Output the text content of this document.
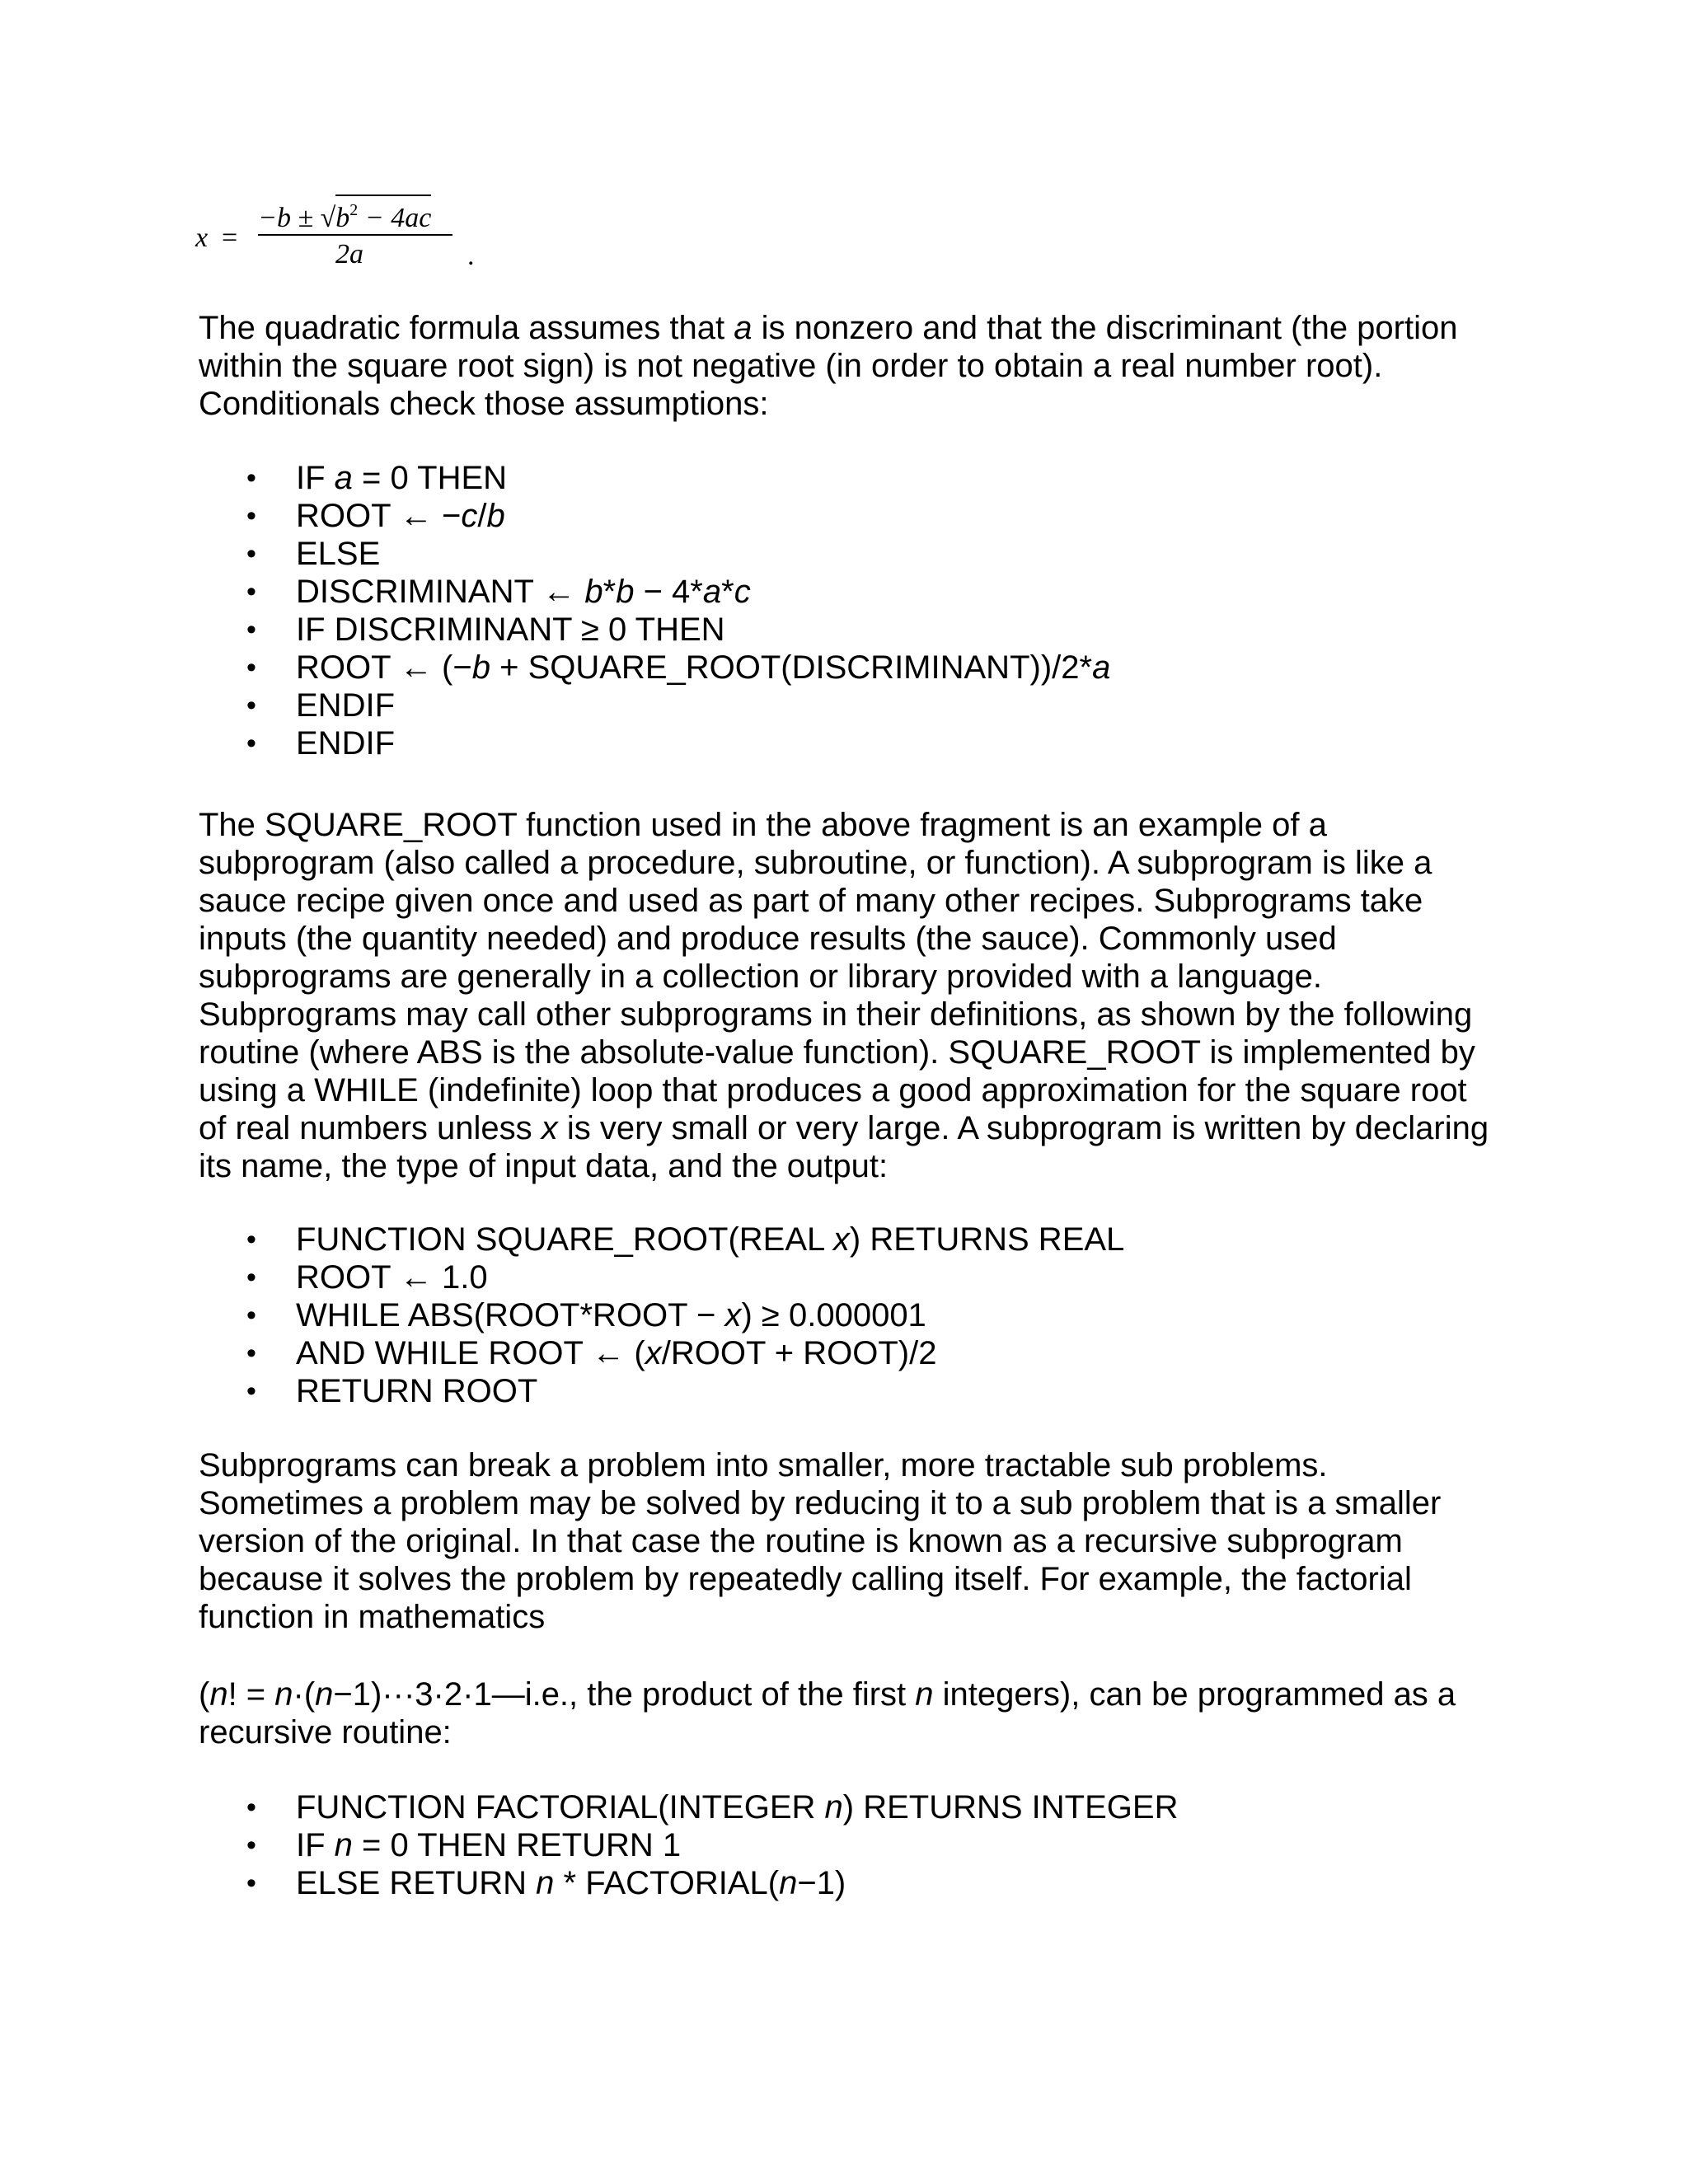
x =
$-b \pm √b^2 - 4ac$
2a	.

The quadratic formula assumes that a is nonzero and that the discriminant (the portion within the square root sign) is not negative (in order to obtain a real number root). Conditionals check those assumptions:

• IF a = 0 THEN
• ROOT ← −c/b
• ELSE
• DISCRIMINANT ← b*b − 4*a*c
• IF DISCRIMINANT ≥ 0 THEN
• ROOT ← (−b + SQUARE_ROOT(DISCRIMINANT))/2*a
• ENDIF
• ENDIF

The SQUARE_ROOT function used in the above fragment is an example of a subprogram (also called a procedure, subroutine, or function). A subprogram is like a sauce recipe given once and used as part of many other recipes. Subprograms take inputs (the quantity needed) and produce results (the sauce). Commonly used subprograms are generally in a collection or library provided with a language. Subprograms may call other subprograms in their definitions, as shown by the following routine (where ABS is the absolute-value function). SQUARE_ROOT is implemented by using a WHILE (indefinite) loop that produces a good approximation for the square root of real numbers unless x is very small or very large. A subprogram is written by declaring its name, the type of input data, and the output:

• FUNCTION SQUARE_ROOT(REAL x) RETURNS REAL
• ROOT ← 1.0
• WHILE ABS(ROOT*ROOT − x) ≥ 0.000001
• AND WHILE ROOT ← (x/ROOT + ROOT)/2
• RETURN ROOT

Subprograms can break a problem into smaller, more tractable sub problems. Sometimes a problem may be solved by reducing it to a sub problem that is a smaller version of the original. In that case the routine is known as a recursive subprogram because it solves the problem by repeatedly calling itself. For example, the factorial function in mathematics

(n! = n·(n−1)···3·2·1—i.e., the product of the first n integers), can be programmed as a recursive routine:

• FUNCTION FACTORIAL(INTEGER n) RETURNS INTEGER
• IF n = 0 THEN RETURN 1
• ELSE RETURN n * FACTORIAL(n−1)
